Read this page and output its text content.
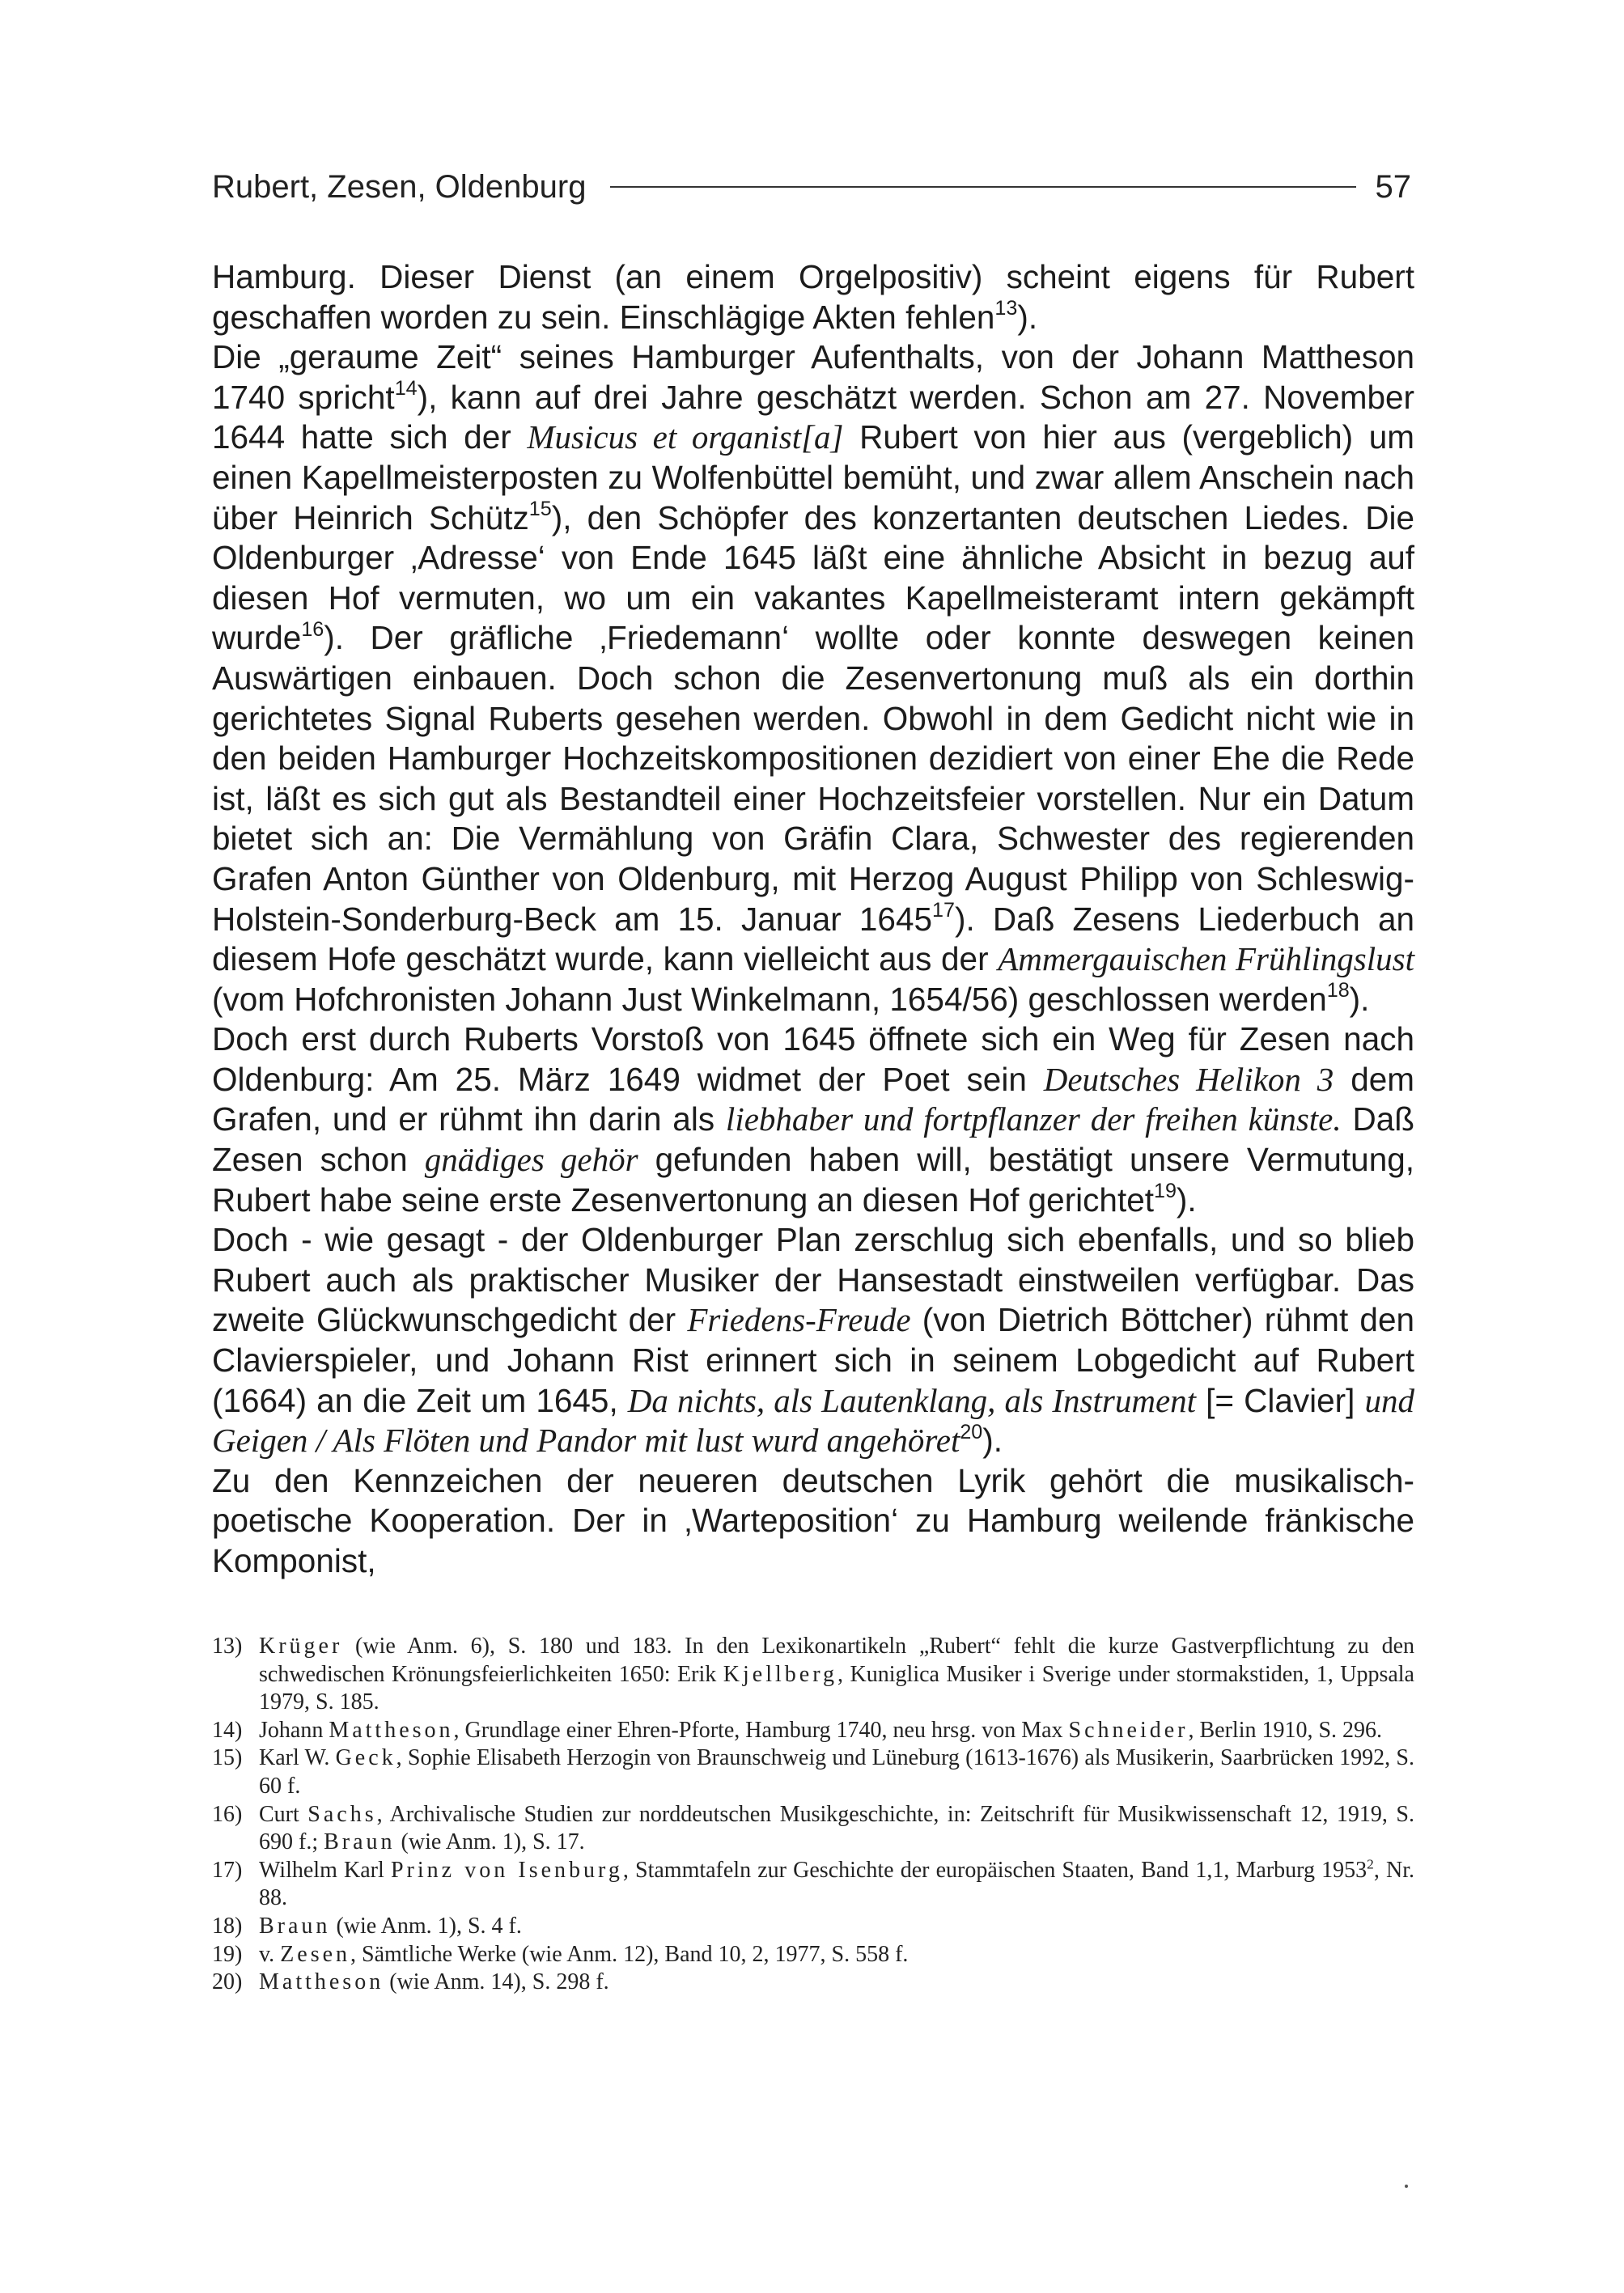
Rubert, Zesen, Oldenburg	57

Hamburg. Dieser Dienst (an einem Orgelpositiv) scheint eigens für Rubert geschaffen worden zu sein. Einschlägige Akten fehlen$^{13}$).

Die „geraume Zeit“ seines Hamburger Aufenthalts, von der Johann Mattheson 1740 spricht$^{14}$), kann auf drei Jahre geschätzt werden. Schon am 27. November 1644 hatte sich der Musicus et organist[a] Rubert von hier aus (vergeblich) um einen Kapellmeisterposten zu Wolfenbüttel bemüht, und zwar allem Anschein nach über Heinrich Schütz$^{15}$), den Schöpfer des konzertanten deutschen Liedes. Die Oldenburger ‚Adresse‘ von Ende 1645 läßt eine ähnliche Absicht in bezug auf diesen Hof vermuten, wo um ein vakantes Kapellmeisteramt intern gekämpft wurde$^{16}$). Der gräfliche ‚Friedemann‘ wollte oder konnte deswegen keinen Auswärtigen einbauen. Doch schon die Zesenvertonung muß als ein dorthin gerichtetes Signal Ruberts gesehen werden. Obwohl in dem Gedicht nicht wie in den beiden Hamburger Hochzeitskompositionen dezidiert von einer Ehe die Rede ist, läßt es sich gut als Bestandteil einer Hochzeitsfeier vorstellen. Nur ein Datum bietet sich an: Die Vermählung von Gräfin Clara, Schwester des regierenden Grafen Anton Günther von Oldenburg, mit Herzog August Philipp von Schleswig-Holstein-Sonderburg-Beck am 15. Januar 1645$^{17}$). Daß Zesens Liederbuch an diesem Hofe geschätzt wurde, kann vielleicht aus der Ammergauischen Frühlingslust (vom Hofchronisten Johann Just Winkelmann, 1654/56) geschlossen werden$^{18}$).

Doch erst durch Ruberts Vorstoß von 1645 öffnete sich ein Weg für Zesen nach Oldenburg: Am 25. März 1649 widmet der Poet sein Deutsches Helikon 3 dem Grafen, und er rühmt ihn darin als liebhaber und fortpflanzer der freihen künste. Daß Zesen schon gnädiges gehör gefunden haben will, bestätigt unsere Vermutung, Rubert habe seine erste Zesenvertonung an diesen Hof gerichtet$^{19}$).

Doch - wie gesagt - der Oldenburger Plan zerschlug sich ebenfalls, und so blieb Rubert auch als praktischer Musiker der Hansestadt einstweilen verfügbar. Das zweite Glückwunschgedicht der Friedens-Freude (von Dietrich Böttcher) rühmt den Clavierspieler, und Johann Rist erinnert sich in seinem Lobgedicht auf Rubert (1664) an die Zeit um 1645, Da nichts, als Lautenklang, als Instrument [= Clavier] und Geigen / Als Flöten und Pandor mit lust wurd angehöret$^{20}$).

Zu den Kennzeichen der neueren deutschen Lyrik gehört die musikalisch-poetische Kooperation. Der in ‚Warteposition‘ zu Hamburg weilende fränkische Komponist,

13) Krüger (wie Anm. 6), S. 180 und 183. In den Lexikonartikeln „Rubert“ fehlt die kurze Gastverpflichtung zu den schwedischen Krönungsfeierlichkeiten 1650: Erik Kjellberg, Kuniglica Musiker i Sverige under stormakstiden, 1, Uppsala 1979, S. 185.
14) Johann Mattheson, Grundlage einer Ehren-Pforte, Hamburg 1740, neu hrsg. von Max Schneider, Berlin 1910, S. 296.
15) Karl W. Geck, Sophie Elisabeth Herzogin von Braunschweig und Lüneburg (1613-1676) als Musikerin, Saarbrücken 1992, S. 60 f.
16) Curt Sachs, Archivalische Studien zur norddeutschen Musikgeschichte, in: Zeitschrift für Musikwissenschaft 12, 1919, S. 690 f.; Braun (wie Anm. 1), S. 17.
17) Wilhelm Karl Prinz von Isenburg, Stammtafeln zur Geschichte der europäischen Staaten, Band 1,1, Marburg 1953$^2$, Nr. 88.
18) Braun (wie Anm. 1), S. 4 f.
19) v. Zesen, Sämtliche Werke (wie Anm. 12), Band 10, 2, 1977, S. 558 f.
20) Mattheson (wie Anm. 14), S. 298 f.
